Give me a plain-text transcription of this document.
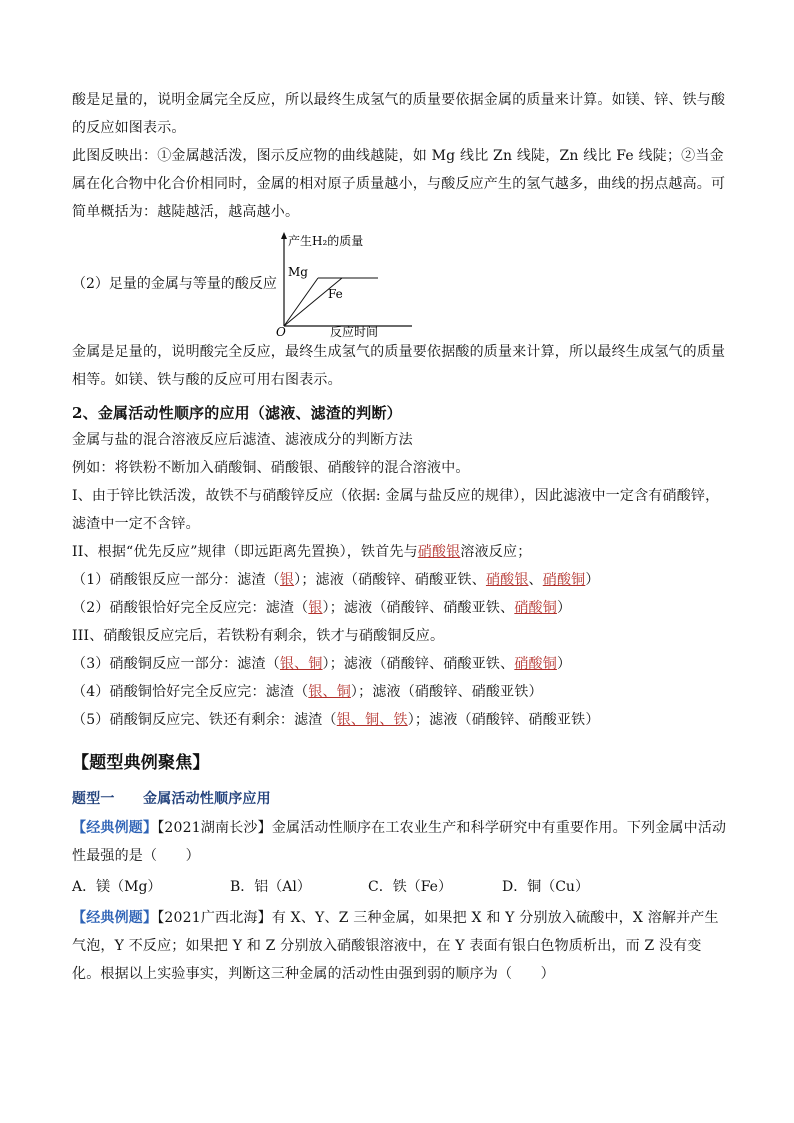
酸是足量的，说明金属完全反应，所以最终生成氢气的质量要依据金属的质量来计算。如镁、锌、铁与酸的反应如图表示。

此图反映出：①金属越活泼，图示反应物的曲线越陡，如 Mg 线比 Zn 线陡，Zn 线比 Fe 线陡；②当金属在化合物中化合价相同时，金属的相对原子质量越小，与酸反应产生的氢气越多，曲线的拐点越高。可简单概括为：越陡越活，越高越小。

（2）足量的金属与等量的酸反应
产生H₂的质量
Mg
Fe
O	反应时间

金属是足量的，说明酸完全反应，最终生成氢气的质量要依据酸的质量来计算，所以最终生成氢气的质量相等。如镁、铁与酸的反应可用右图表示。

2、金属活动性顺序的应用（滤液、滤渣的判断）

金属与盐的混合溶液反应后滤渣、滤液成分的判断方法

例如：将铁粉不断加入硝酸铜、硝酸银、硝酸锌的混合溶液中。

I、由于锌比铁活泼，故铁不与硝酸锌反应（依据: 金属与盐反应的规律），因此滤液中一定含有硝酸锌，滤渣中一定不含锌。

II、根据“优先反应”规律（即远距离先置换），铁首先与硝酸银溶液反应；

（1）硝酸银反应一部分：滤渣（银）；滤液（硝酸锌、硝酸亚铁、硝酸银、硝酸铜）

（2）硝酸银恰好完全反应完：滤渣（银）；滤液（硝酸锌、硝酸亚铁、硝酸铜）

III、硝酸银反应完后，若铁粉有剩余，铁才与硝酸铜反应。

（3）硝酸铜反应一部分：滤渣（银、铜）；滤液（硝酸锌、硝酸亚铁、硝酸铜）

（4）硝酸铜恰好完全反应完：滤渣（银、铜）；滤液（硝酸锌、硝酸亚铁）

（5）硝酸铜反应完、铁还有剩余：滤渣（银、铜、铁）；滤液（硝酸锌、硝酸亚铁）

【题型典例聚焦】

题型一　　金属活动性顺序应用

【经典例题】【2021湖南长沙】金属活动性顺序在工农业生产和科学研究中有重要作用。下列金属中活动性最强的是（　　）

A．镁（Mg）	B．铝（Al）	C．铁（Fe）	D．铜（Cu）

【经典例题】【2021广西北海】有 X、Y、Z 三种金属，如果把 X 和 Y 分别放入硫酸中，X 溶解并产生气泡，Y 不反应；如果把 Y 和 Z 分别放入硝酸银溶液中，在 Y 表面有银白色物质析出，而 Z 没有变化。根据以上实验事实，判断这三种金属的活动性由强到弱的顺序为（　　）
